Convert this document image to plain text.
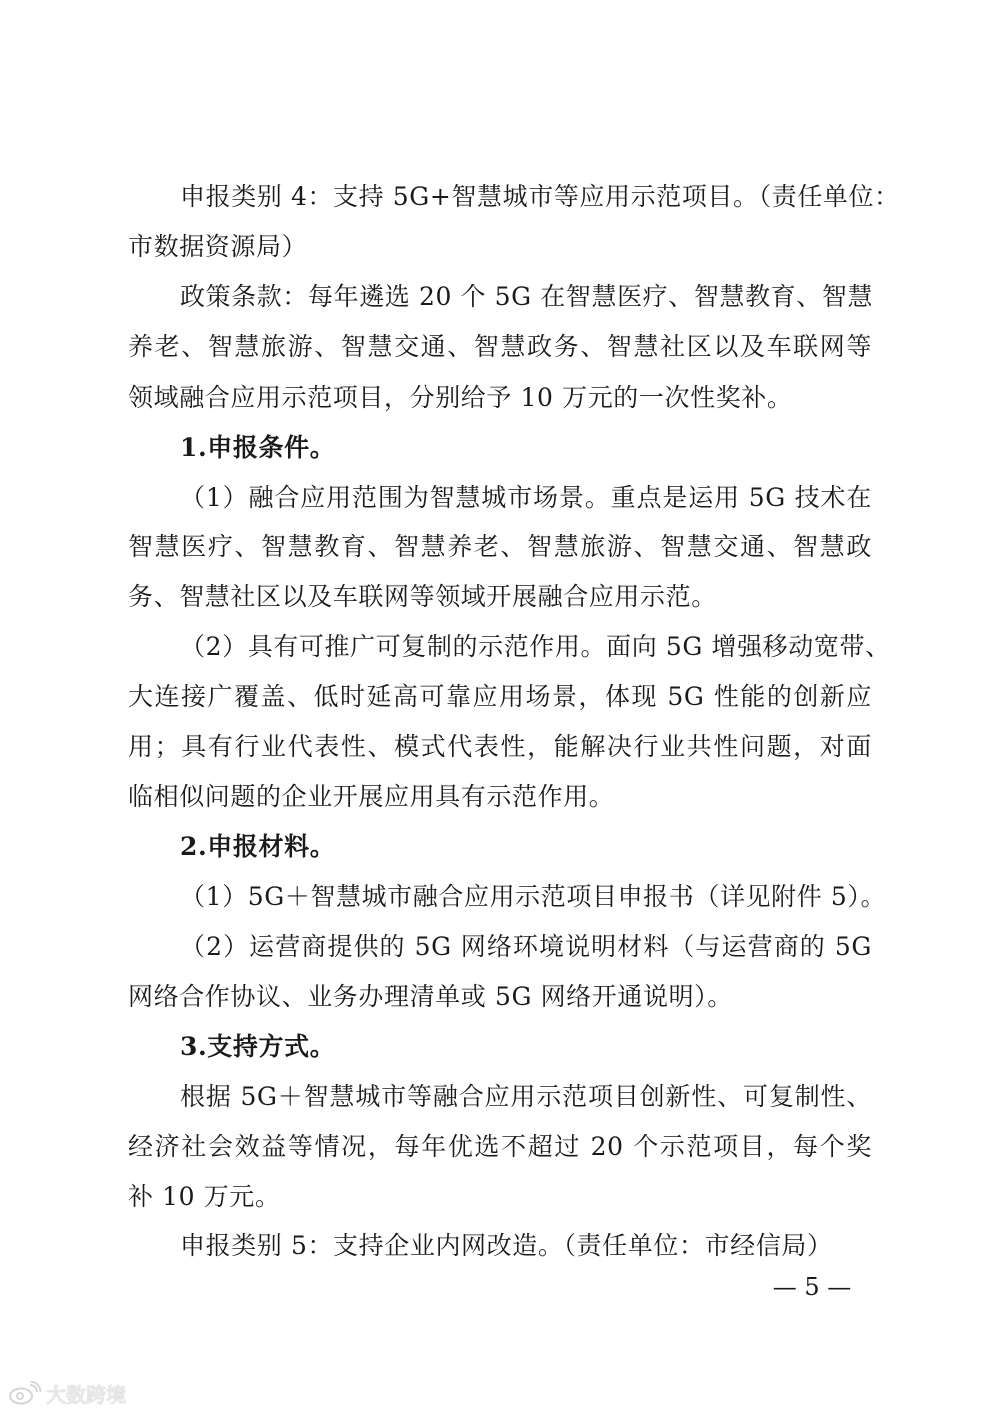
申报类别 4：支持 5G+智慧城市等应用示范项目。（责任单位：
市数据资源局）
政策条款：每年遴选 20 个 5G 在智慧医疗、智慧教育、智慧
养老、智慧旅游、智慧交通、智慧政务、智慧社区以及车联网等
领域融合应用示范项目，分别给予 10 万元的一次性奖补。
1.申报条件。
（1）融合应用范围为智慧城市场景。重点是运用 5G 技术在
智慧医疗、智慧教育、智慧养老、智慧旅游、智慧交通、智慧政
务、智慧社区以及车联网等领域开展融合应用示范。
（2）具有可推广可复制的示范作用。面向 5G 增强移动宽带、
大连接广覆盖、低时延高可靠应用场景，体现 5G 性能的创新应
用；具有行业代表性、模式代表性，能解决行业共性问题，对面
临相似问题的企业开展应用具有示范作用。
2.申报材料。
（1）5G＋智慧城市融合应用示范项目申报书（详见附件 5）。
（2）运营商提供的 5G 网络环境说明材料（与运营商的 5G
网络合作协议、业务办理清单或 5G 网络开通说明）。
3.支持方式。
根据 5G＋智慧城市等融合应用示范项目创新性、可复制性、
经济社会效益等情况，每年优选不超过 20 个示范项目，每个奖
补 10 万元。
申报类别 5：支持企业内网改造。（责任单位：市经信局）
— 5 —
大数跨境
